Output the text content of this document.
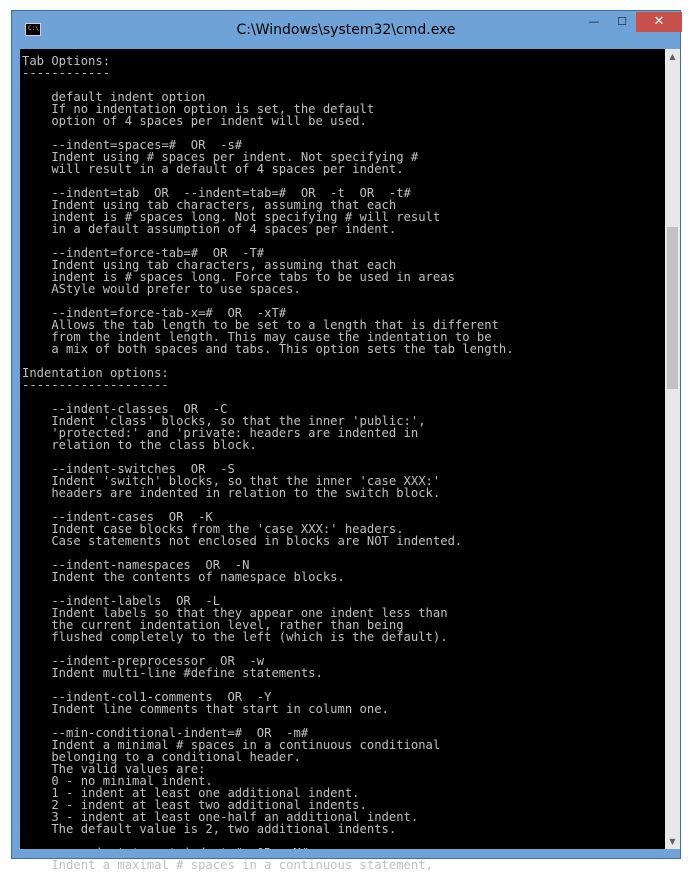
C:\	C:\Windows\system32\cmd.exe
—	☐	✕
Tab Options:
------------

default indent option
If no indentation option is set, the default
option of 4 spaces per indent will be used.

--indent=spaces=#  OR  -s#
Indent using # spaces per indent. Not specifying #
will result in a default of 4 spaces per indent.

--indent=tab  OR  --indent=tab=#  OR  -t  OR  -t#
Indent using tab characters, assuming that each
indent is # spaces long. Not specifying # will result
in a default assumption of 4 spaces per indent.

--indent=force-tab=#  OR  -T#
Indent using tab characters, assuming that each
indent is # spaces long. Force tabs to be used in areas
AStyle would prefer to use spaces.

--indent=force-tab-x=#  OR  -xT#
Allows the tab length to be set to a length that is different
from the indent length. This may cause the indentation to be
a mix of both spaces and tabs. This option sets the tab length.

Indentation options:
--------------------

--indent-classes  OR  -C
Indent 'class' blocks, so that the inner 'public:',
'protected:' and 'private: headers are indented in
relation to the class block.

--indent-switches  OR  -S
Indent 'switch' blocks, so that the inner 'case XXX:'
headers are indented in relation to the switch block.

--indent-cases  OR  -K
Indent case blocks from the 'case XXX:' headers.
Case statements not enclosed in blocks are NOT indented.

--indent-namespaces  OR  -N
Indent the contents of namespace blocks.

--indent-labels  OR  -L
Indent labels so that they appear one indent less than
the current indentation level, rather than being
flushed completely to the left (which is the default).

--indent-preprocessor  OR  -w
Indent multi-line #define statements.

--indent-col1-comments  OR  -Y
Indent line comments that start in column one.

--min-conditional-indent=#  OR  -m#
Indent a minimal # spaces in a continuous conditional
belonging to a conditional header.
The valid values are:
0 - no minimal indent.
1 - indent at least one additional indent.
2 - indent at least two additional indents.
3 - indent at least one-half an additional indent.
The default value is 2, two additional indents.

Indent a maximal # spaces in a continuous statement,

▲
▼
